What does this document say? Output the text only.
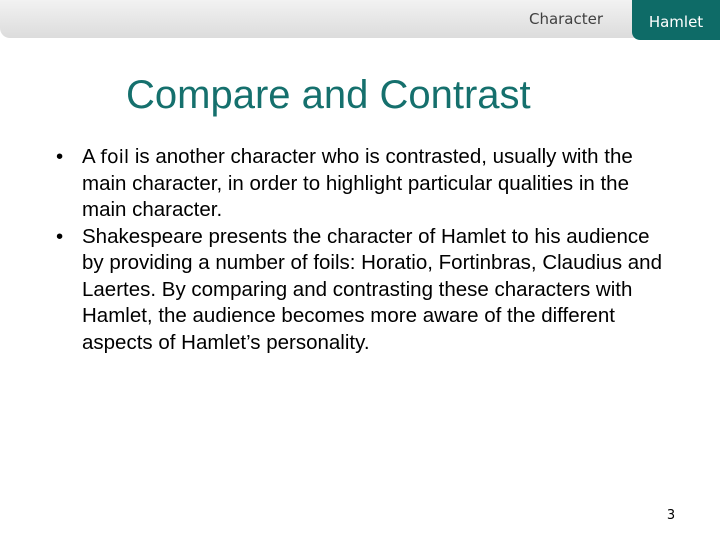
Character	Hamlet
Compare and Contrast
• A foil is another character who is contrasted, usually with the main character, in order to highlight particular qualities in the main character.
• Shakespeare presents the character of Hamlet to his audience by providing a number of foils: Horatio, Fortinbras, Claudius and Laertes. By comparing and contrasting these characters with Hamlet, the audience becomes more aware of the different aspects of Hamlet’s personality.
3
